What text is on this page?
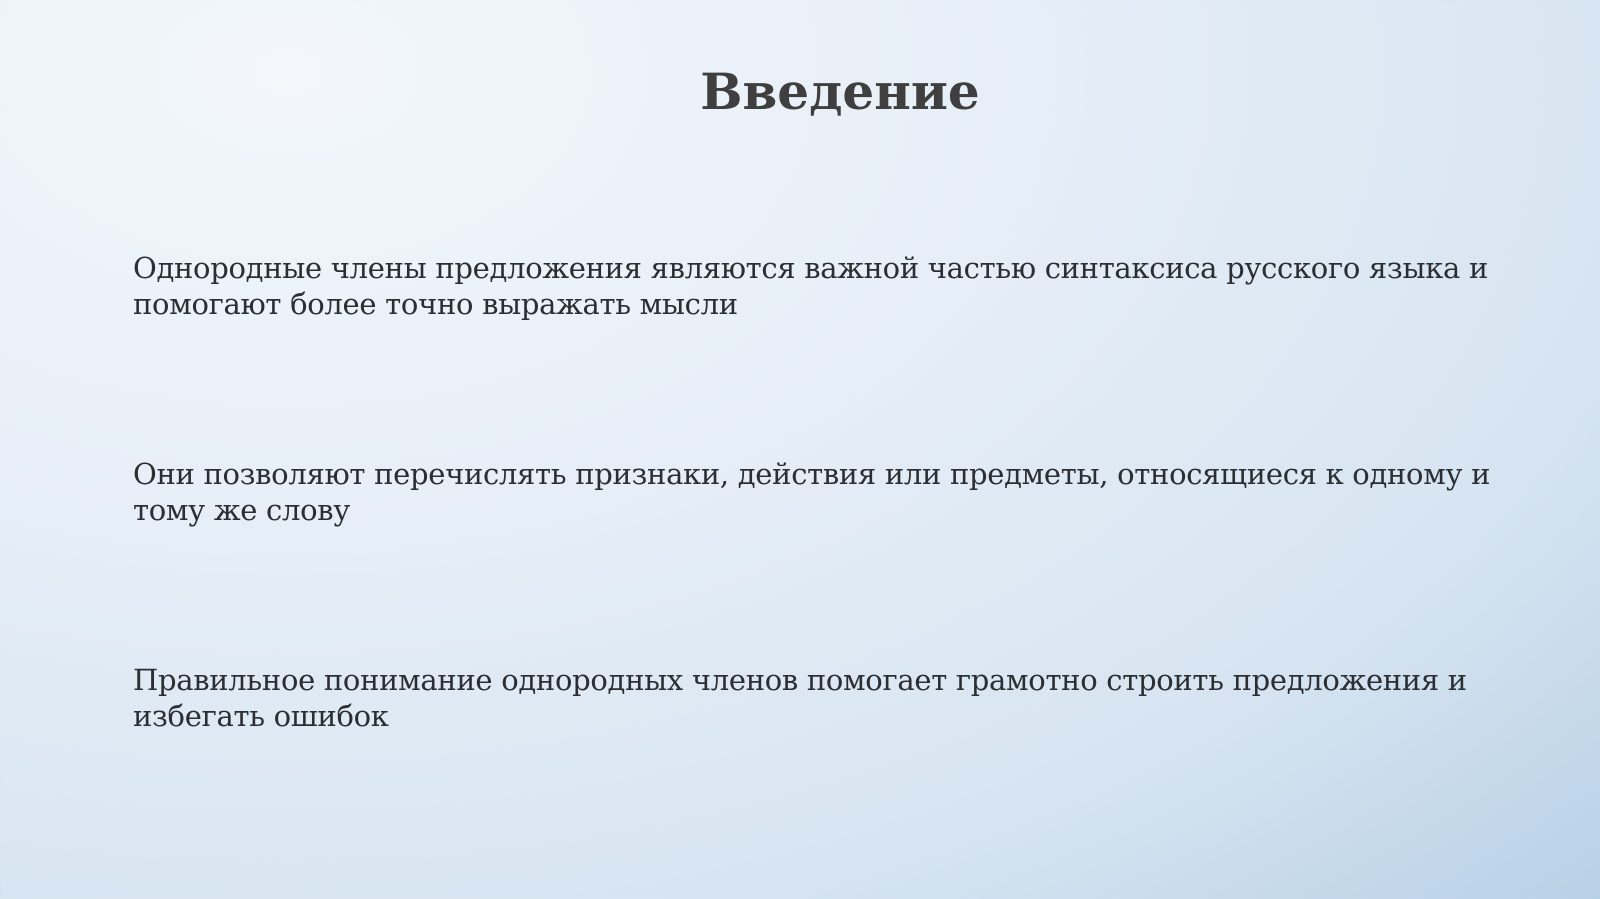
Введение
Однородные члены предложения являются важной частью синтаксиса русского языка и помогают более точно выражать мысли
Они позволяют перечислять признаки, действия или предметы, относящиеся к одному и тому же слову
Правильное понимание однородных членов помогает грамотно строить предложения и избегать ошибок
